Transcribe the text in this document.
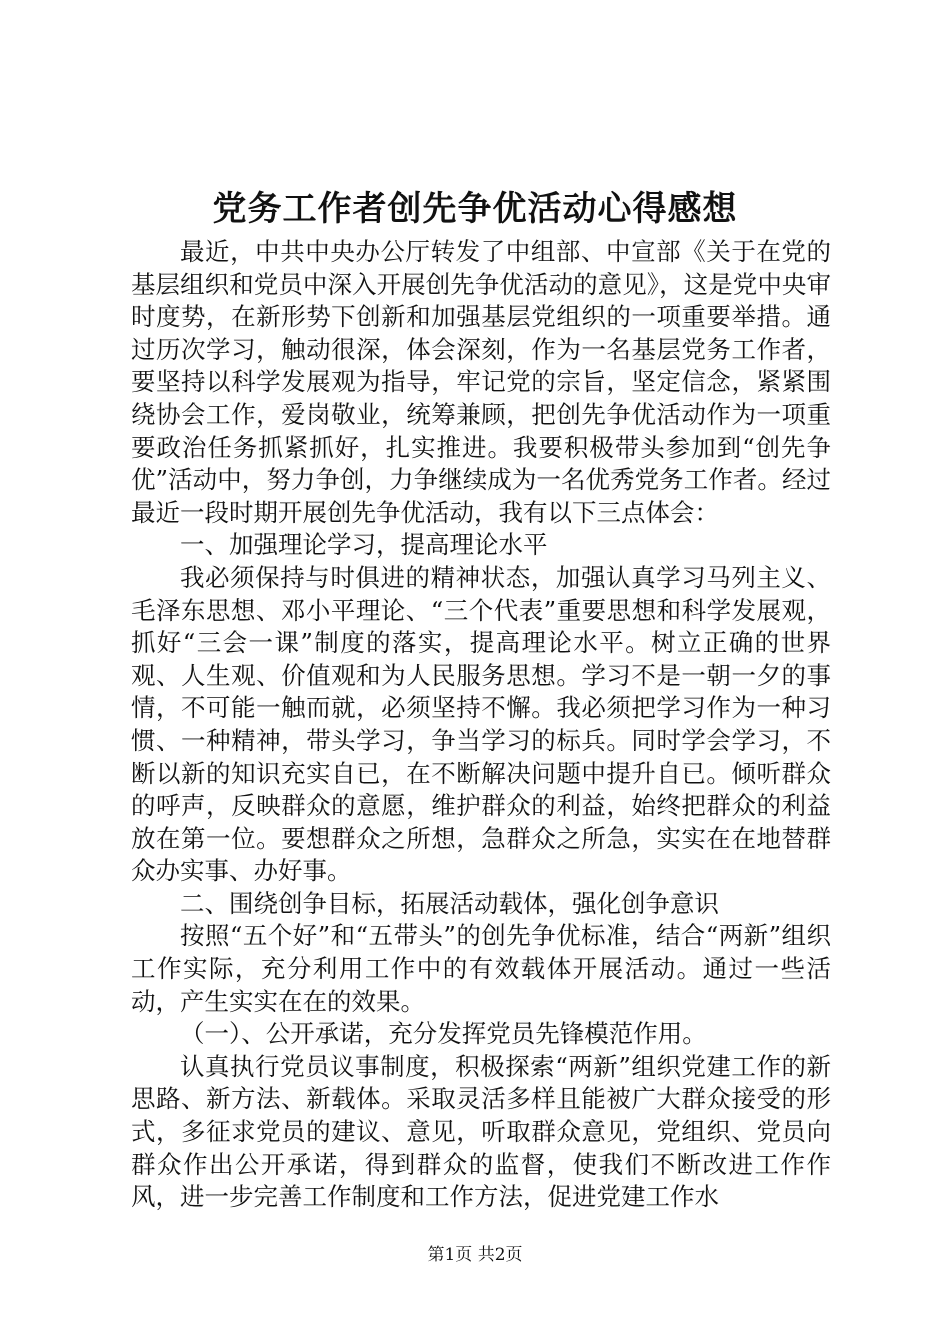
党务工作者创先争优活动心得感想

最近，中共中央办公厅转发了中组部、中宣部《关于在党的基层组织和党员中深入开展创先争优活动的意见》，这是党中央审时度势，在新形势下创新和加强基层党组织的一项重要举措。通过历次学习，触动很深，体会深刻，作为一名基层党务工作者，要坚持以科学发展观为指导，牢记党的宗旨，坚定信念，紧紧围绕协会工作，爱岗敬业，统筹兼顾，把创先争优活动作为一项重要政治任务抓紧抓好，扎实推进。我要积极带头参加到“创先争优”活动中，努力争创，力争继续成为一名优秀党务工作者。经过最近一段时期开展创先争优活动，我有以下三点体会：

一、加强理论学习，提高理论水平

我必须保持与时俱进的精神状态，加强认真学习马列主义、毛泽东思想、邓小平理论、“三个代表”重要思想和科学发展观，抓好“三会一课”制度的落实，提高理论水平。树立正确的世界观、人生观、价值观和为人民服务思想。学习不是一朝一夕的事情，不可能一触而就，必须坚持不懈。我必须把学习作为一种习惯、一种精神，带头学习，争当学习的标兵。同时学会学习，不断以新的知识充实自已，在不断解决问题中提升自已。倾听群众的呼声，反映群众的意愿，维护群众的利益，始终把群众的利益放在第一位。要想群众之所想，急群众之所急，实实在在地替群众办实事、办好事。

二、围绕创争目标，拓展活动载体，强化创争意识

按照“五个好”和“五带头”的创先争优标准，结合“两新”组织工作实际，充分利用工作中的有效载体开展活动。通过一些活动，产生实实在在的效果。

（一）、公开承诺，充分发挥党员先锋模范作用。

认真执行党员议事制度，积极探索“两新”组织党建工作的新思路、新方法、新载体。采取灵活多样且能被广大群众接受的形式，多征求党员的建议、意见，听取群众意见，党组织、党员向群众作出公开承诺，得到群众的监督，使我们不断改进工作作风，进一步完善工作制度和工作方法，促进党建工作水

第1页 共2页
